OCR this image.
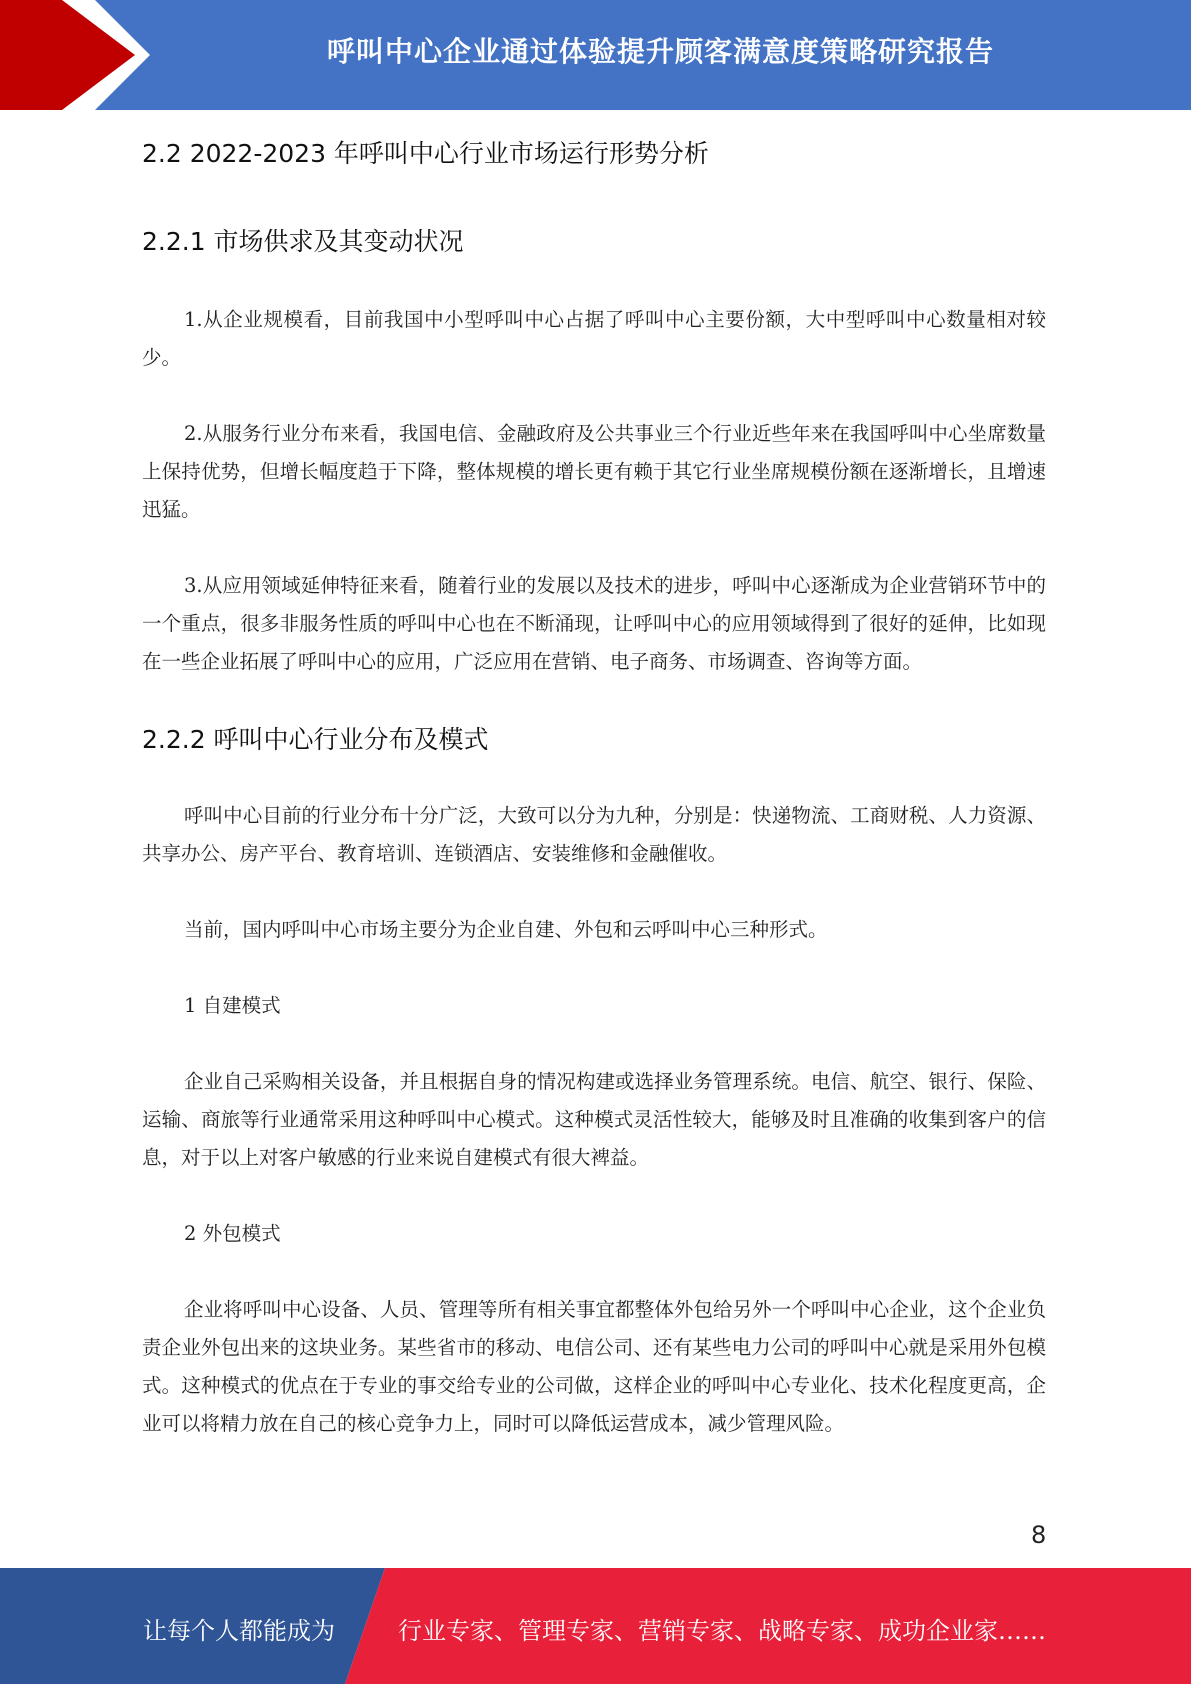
呼叫中心企业通过体验提升顾客满意度策略研究报告
2.2 2022-2023 年呼叫中心行业市场运行形势分析
2.2.1 市场供求及其变动状况

1.从企业规模看，目前我国中小型呼叫中心占据了呼叫中心主要份额，大中型呼叫中心数量相对较少。

2.从服务行业分布来看，我国电信、金融政府及公共事业三个行业近些年来在我国呼叫中心坐席数量上保持优势，但增长幅度趋于下降，整体规模的增长更有赖于其它行业坐席规模份额在逐渐增长，且增速迅猛。

3.从应用领域延伸特征来看，随着行业的发展以及技术的进步，呼叫中心逐渐成为企业营销环节中的一个重点，很多非服务性质的呼叫中心也在不断涌现，让呼叫中心的应用领域得到了很好的延伸，比如现在一些企业拓展了呼叫中心的应用，广泛应用在营销、电子商务、市场调查、咨询等方面。

2.2.2 呼叫中心行业分布及模式

呼叫中心目前的行业分布十分广泛，大致可以分为九种，分别是：快递物流、工商财税、人力资源、共享办公、房产平台、教育培训、连锁酒店、安装维修和金融催收。

当前，国内呼叫中心市场主要分为企业自建、外包和云呼叫中心三种形式。

1 自建模式

企业自己采购相关设备，并且根据自身的情况构建或选择业务管理系统。电信、航空、银行、保险、运输、商旅等行业通常采用这种呼叫中心模式。这种模式灵活性较大，能够及时且准确的收集到客户的信息，对于以上对客户敏感的行业来说自建模式有很大裨益。

2 外包模式

企业将呼叫中心设备、人员、管理等所有相关事宜都整体外包给另外一个呼叫中心企业，这个企业负责企业外包出来的这块业务。某些省市的移动、电信公司、还有某些电力公司的呼叫中心就是采用外包模式。这种模式的优点在于专业的事交给专业的公司做，这样企业的呼叫中心专业化、技术化程度更高，企业可以将精力放在自己的核心竞争力上，同时可以降低运营成本，减少管理风险。

8
让每个人都能成为	行业专家、管理专家、营销专家、战略专家、成功企业家……
